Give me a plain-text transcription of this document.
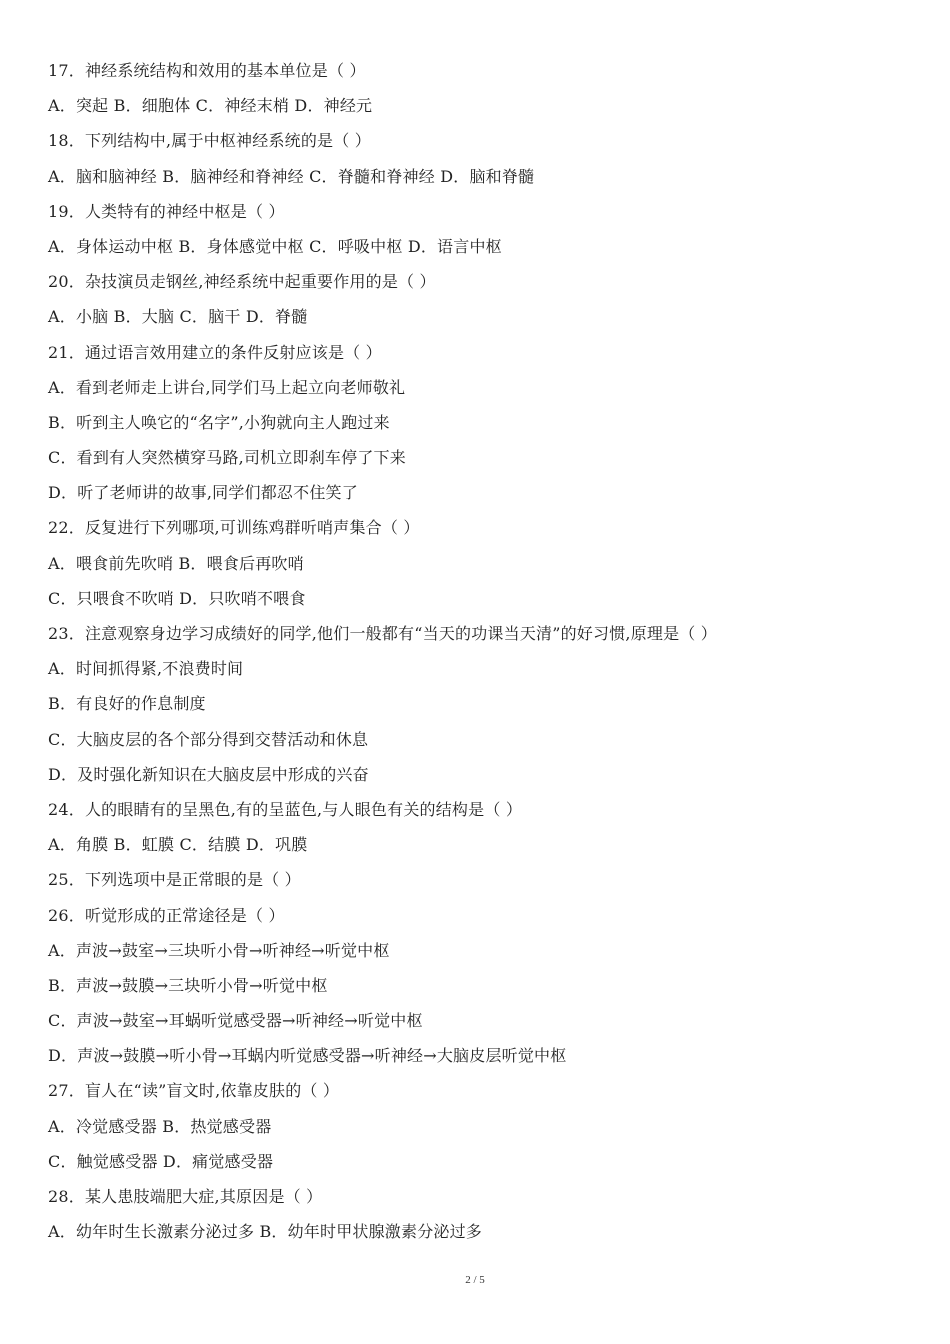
17．神经系统结构和效用的基本单位是（ ）
A．突起 B．细胞体 C．神经末梢 D．神经元
18．下列结构中,属于中枢神经系统的是（ ）
A．脑和脑神经 B．脑神经和脊神经 C．脊髓和脊神经 D．脑和脊髓
19．人类特有的神经中枢是（ ）
A．身体运动中枢 B．身体感觉中枢 C．呼吸中枢 D．语言中枢
20．杂技演员走钢丝,神经系统中起重要作用的是（ ）
A．小脑 B．大脑 C．脑干 D．脊髓
21．通过语言效用建立的条件反射应该是（ ）
A．看到老师走上讲台,同学们马上起立向老师敬礼
B．听到主人唤它的“名字”,小狗就向主人跑过来
C．看到有人突然横穿马路,司机立即刹车停了下来
D．听了老师讲的故事,同学们都忍不住笑了
22．反复进行下列哪项,可训练鸡群听哨声集合（ ）
A．喂食前先吹哨 B．喂食后再吹哨
C．只喂食不吹哨 D．只吹哨不喂食
23．注意观察身边学习成绩好的同学,他们一般都有“当天的功课当天清”的好习惯,原理是（ ）
A．时间抓得紧,不浪费时间
B．有良好的作息制度
C．大脑皮层的各个部分得到交替活动和休息
D．及时强化新知识在大脑皮层中形成的兴奋
24．人的眼睛有的呈黑色,有的呈蓝色,与人眼色有关的结构是（ ）
A．角膜 B．虹膜 C．结膜 D．巩膜
25．下列选项中是正常眼的是（ ）
26．听觉形成的正常途径是（ ）
A．声波→鼓室→三块听小骨→听神经→听觉中枢
B．声波→鼓膜→三块听小骨→听觉中枢
C．声波→鼓室→耳蜗听觉感受器→听神经→听觉中枢
D．声波→鼓膜→听小骨→耳蜗内听觉感受器→听神经→大脑皮层听觉中枢
27．盲人在“读”盲文时,依靠皮肤的（ ）
A．冷觉感受器 B．热觉感受器
C．触觉感受器 D．痛觉感受器
28．某人患肢端肥大症,其原因是（ ）
A．幼年时生长激素分泌过多 B．幼年时甲状腺激素分泌过多
2 / 5
